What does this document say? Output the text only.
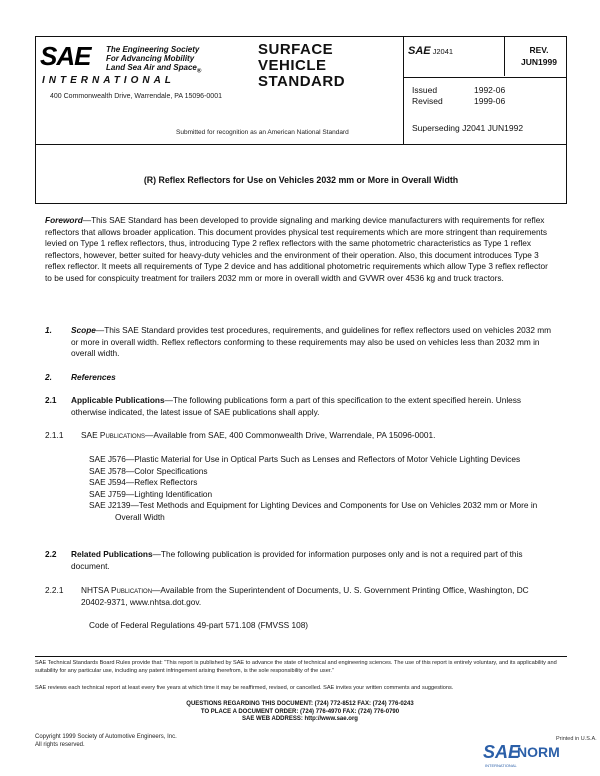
SAE The Engineering Society
For Advancing Mobility
Land Sea Air and Space$_®$
INTERNATIONAL
400 Commonwealth Drive, Warrendale, PA 15096-0001
SURFACE
VEHICLE
STANDARD
Submitted for recognition as an American National Standard
SAE J2041	REV.
JUN1999
Issued	1992-06
Revised	1999-06
Superseding J2041 JUN1992
(R) Reflex Reflectors for Use on Vehicles 2032 mm or More in Overall Width

Foreword—This SAE Standard has been developed to provide signaling and marking device manufacturers with requirements for reflex reflectors that allows broader application. This document provides physical test requirements which are more stringent than requirements levied on Type 1 reflex reflectors, thus, introducing Type 2 reflex reflectors with the same photometric characteristics as Type 1 reflex reflectors, however, better suited for heavy-duty vehicles and the environment of their operation. Also, this document introduces Type 3 reflex reflector. It meets all requirements of Type 2 device and has additional photometric requirements which allow Type 3 reflex reflector to be used for conspicuity treatment for trailers 2032 mm or more in overall width and GVWR over 4536 kg and truck tractors.

1. Scope—This SAE Standard provides test procedures, requirements, and guidelines for reflex reflectors used on vehicles 2032 mm or more in overall width. Reflex reflectors conforming to these requirements may also be used on vehicles less than 2032 mm in overall width.
2. References
2.1 Applicable Publications—The following publications form a part of this specification to the extent specified herein. Unless otherwise indicated, the latest issue of SAE publications shall apply.
2.1.1 SAE Publications—Available from SAE, 400 Commonwealth Drive, Warrendale, PA 15096-0001.
SAE J576—Plastic Material for Use in Optical Parts Such as Lenses and Reflectors of Motor Vehicle Lighting Devices
SAE J578—Color Specifications
SAE J594—Reflex Reflectors
SAE J759—Lighting Identification
SAE J2139—Test Methods and Equipment for Lighting Devices and Components for Use on Vehicles 2032 mm or More in Overall Width
2.2 Related Publications—The following publication is provided for information purposes only and is not a required part of this document.
2.2.1 NHTSA Publication—Available from the Superintendent of Documents, U. S. Government Printing Office, Washington, DC 20402-9371, www.nhtsa.dot.gov.
Code of Federal Regulations 49-part 571.108 (FMVSS 108)
SAE Technical Standards Board Rules provide that: “This report is published by SAE to advance the state of technical and engineering sciences. The use of this report is entirely voluntary, and its applicability and suitability for any particular use, including any patent infringement arising therefrom, is the sole responsibility of the user.”
SAE reviews each technical report at least every five years at which time it may be reaffirmed, revised, or cancelled. SAE invites your written comments and suggestions.
QUESTIONS REGARDING THIS DOCUMENT: (724) 772-8512 FAX: (724) 776-0243
TO PLACE A DOCUMENT ORDER: (724) 776-4970 FAX: (724) 776-0790
SAE WEB ADDRESS: http://www.sae.org
Copyright 1999 Society of Automotive Engineers, Inc.
All rights reserved.
Printed in U.S.A.
SAE
NORM
INTERNATIONAL
